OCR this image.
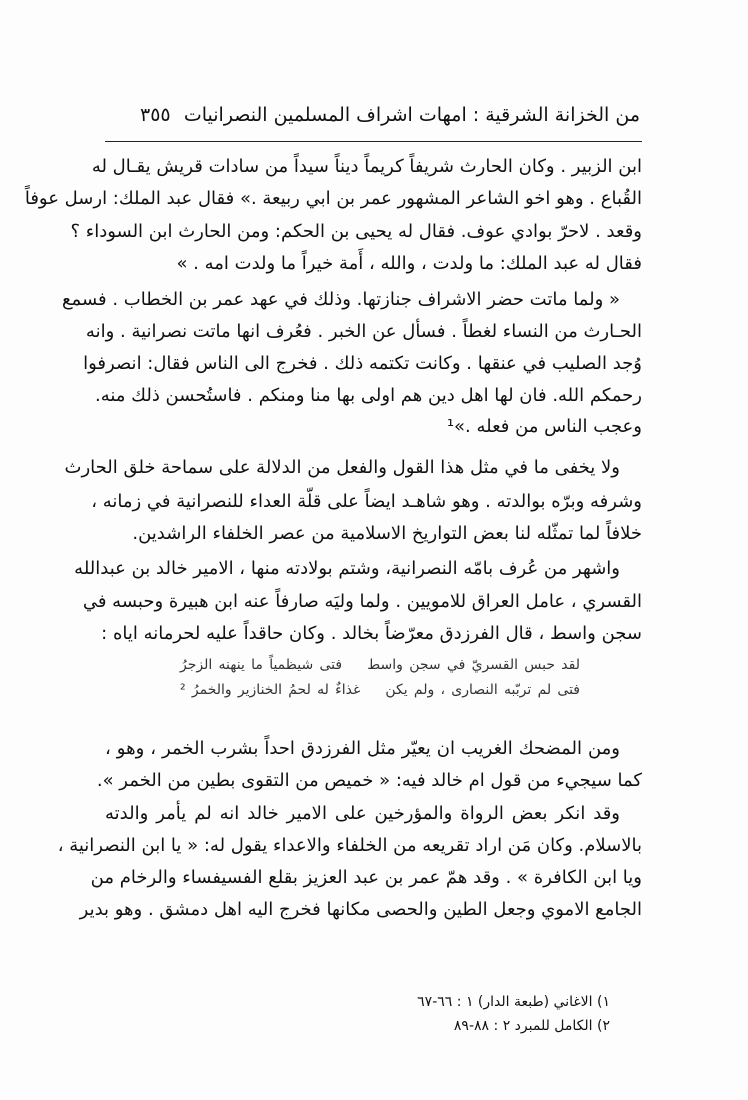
من الخزانة الشرقية : امهات اشراف المسلمين النصرانيات
٣٥٥
ابن الزبير . وكان الحارث شريفاً كريماً ديناً سيداً من سادات قريش يقـال له
القُباع . وهو اخو الشاعر المشهور عمر بن ابي ربيعة .» فقال عبد الملك: ارسل عوفاً
وقعد . لاحرّ بوادي عوف. فقال له يحيى بن الحكم: ومن الحارث ابن السوداء ؟
فقال له عبد الملك: ما ولدت ، والله ، أَمة خيراً ما ولدت امه . »
« ولما ماتت حضر الاشراف جنازتها. وذلك في عهد عمر بن الخطاب . فسمع
الحـارث من النساء لغطاً . فسأل عن الخبر . فعُرف انها ماتت نصرانية . وانه
وُجد الصليب في عنقها . وكانت تكتمه ذلك . فخرج الى الناس فقال: انصرفوا
رحمكم الله. فان لها اهل دين هم اولى بها منا ومنكم . فاستُحسن ذلك منه.
وعجب الناس من فعله .»¹
ولا يخفى ما في مثل هذا القول والفعل من الدلالة على سماحة خلق الحارث
وشرفه وبرّه بوالدته . وهو شاهـد ايضاً على قلّة العداء للنصرانية في زمانه ،
خلافاً لما تمثّله لنا بعض التواريخ الاسلامية من عصر الخلفاء الراشدين.
واشهر من عُرف بامّه النصرانية، وشتم بولادته منها ، الامير خالد بن عبدالله
القسري ، عامل العراق للامويين . ولما وليَه صارفاً عنه ابن هبيرة وحبسه في
سجن واسط ، قال الفرزدق معرّضاً بخالد . وكان حاقداً عليه لحرمانه اياه :
ومن المضحك الغريب ان يعيّر مثل الفرزدق احداً بشرب الخمر ، وهو ،
كما سيجيء من قول ام خالد فيه: « خميص من التقوى بطين من الخمر ».
وقد انكر بعض الرواة والمؤرخين على الامير خالد انه لم يأمر والدته
بالاسلام. وكان مَن اراد تقريعه من الخلفاء والاعداء يقول له: « يا ابن النصرانية ،
ويا ابن الكافرة » . وقد همّ عمر بن عبد العزيز بقلع الفسيفساء والرخام من
الجامع الاموي وجعل الطين والحصى مكانها فخرج اليه اهل دمشق . وهو بدير
لقد حبس القسريّ في سجن واسط    فتى شيظمياً ما ينهنه الزجرُ
فتى لم تربّبه النصارى ، ولم يكن    غذاءٌ له لحمُ الخنازير والخمرُ ²
١) الاغاني (طبعة الدار) ١ : ٦٦-٦٧
٢) الكامل للمبرد ٢ : ٨٨-٨٩
